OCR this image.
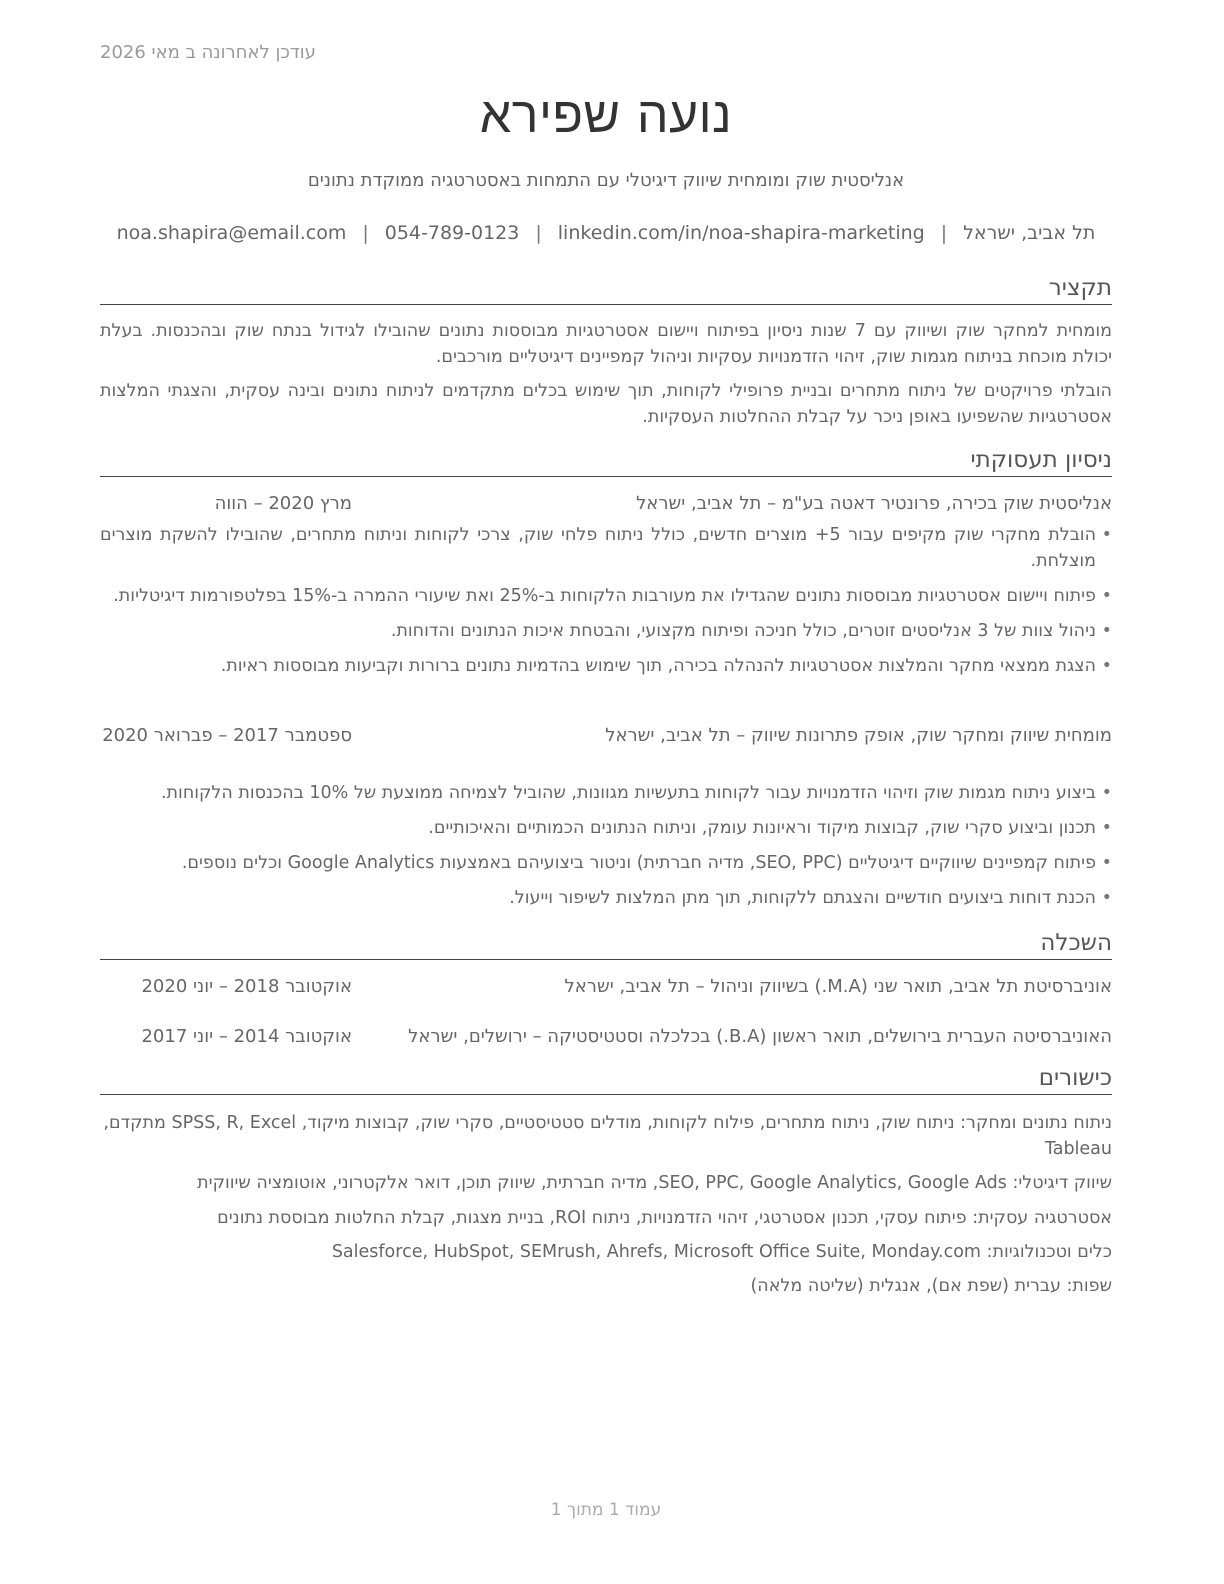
עודכן לאחרונה ב מאי 2026
נועה שפירא
אנליסטית שוק ומומחית שיווק דיגיטלי עם התמחות באסטרטגיה ממוקדת נתונים
תל אביב, ישראל|noa.shapira@email.com | 054-789-0123 | linkedin.com/in/noa-shapira-marketing
תקציר
מומחית למחקר שוק ושיווק עם 7 שנות ניסיון בפיתוח ויישום אסטרטגיות מבוססות נתונים שהובילו לגידול בנתח שוק ובהכנסות. בעלת יכולת מוכחת בניתוח מגמות שוק, זיהוי הזדמנויות עסקיות וניהול קמפיינים דיגיטליים מורכבים.
הובלתי פרויקטים של ניתוח מתחרים ובניית פרופילי לקוחות, תוך שימוש בכלים מתקדמים לניתוח נתונים ובינה עסקית, והצגתי המלצות אסטרטגיות שהשפיעו באופן ניכר על קבלת ההחלטות העסקיות.
ניסיון תעסוקתי
אנליסטית שוק בכירה, פרונטיר דאטה בע"מ – תל אביב, ישראל
מרץ 2020 – הווה
• הובלת מחקרי שוק מקיפים עבור 5+ מוצרים חדשים, כולל ניתוח פלחי שוק, צרכי לקוחות וניתוח מתחרים, שהובילו להשקת מוצרים מוצלחת.
• פיתוח ויישום אסטרטגיות מבוססות נתונים שהגדילו את מעורבות הלקוחות ב-25% ואת שיעורי ההמרה ב-15% בפלטפורמות דיגיטליות.
• ניהול צוות של 3 אנליסטים זוטרים, כולל חניכה ופיתוח מקצועי, והבטחת איכות הנתונים והדוחות.
• הצגת ממצאי מחקר והמלצות אסטרטגיות להנהלה בכירה, תוך שימוש בהדמיות נתונים ברורות וקביעות מבוססות ראיות.
מומחית שיווק ומחקר שוק, אופק פתרונות שיווק – תל אביב, ישראל
ספטמבר 2017 – פברואר 2020
• ביצוע ניתוח מגמות שוק וזיהוי הזדמנויות עבור לקוחות בתעשיות מגוונות, שהוביל לצמיחה ממוצעת של 10% בהכנסות הלקוחות.
• תכנון וביצוע סקרי שוק, קבוצות מיקוד וראיונות עומק, וניתוח הנתונים הכמותיים והאיכותיים.
• פיתוח קמפיינים שיווקיים דיגיטליים (SEO, PPC, מדיה חברתית) וניטור ביצועיהם באמצעות Google Analytics וכלים נוספים.
• הכנת דוחות ביצועים חודשיים והצגתם ללקוחות, תוך מתן המלצות לשיפור וייעול.
השכלה
אוניברסיטת תל אביב, תואר שני (M.A.) בשיווק וניהול – תל אביב, ישראל
אוקטובר 2018 – יוני 2020
האוניברסיטה העברית בירושלים, תואר ראשון (B.A.) בכלכלה וסטטיסטיקה – ירושלים, ישראל
אוקטובר 2014 – יוני 2017
כישורים
ניתוח נתונים ומחקר: ניתוח שוק, ניתוח מתחרים, פילוח לקוחות, מודלים סטטיסטיים, סקרי שוק, קבוצות מיקוד, SPSS, R, Excel מתקדם, Tableau
שיווק דיגיטלי: SEO, PPC, Google Analytics, Google Ads, מדיה חברתית, שיווק תוכן, דואר אלקטרוני, אוטומציה שיווקית
אסטרטגיה עסקית: פיתוח עסקי, תכנון אסטרטגי, זיהוי הזדמנויות, ניתוח ROI, בניית מצגות, קבלת החלטות מבוססת נתונים
כלים וטכנולוגיות: Salesforce, HubSpot, SEMrush, Ahrefs, Microsoft Office Suite, Monday.com
שפות: עברית (שפת אם), אנגלית (שליטה מלאה)
עמוד 1 מתוך 1
